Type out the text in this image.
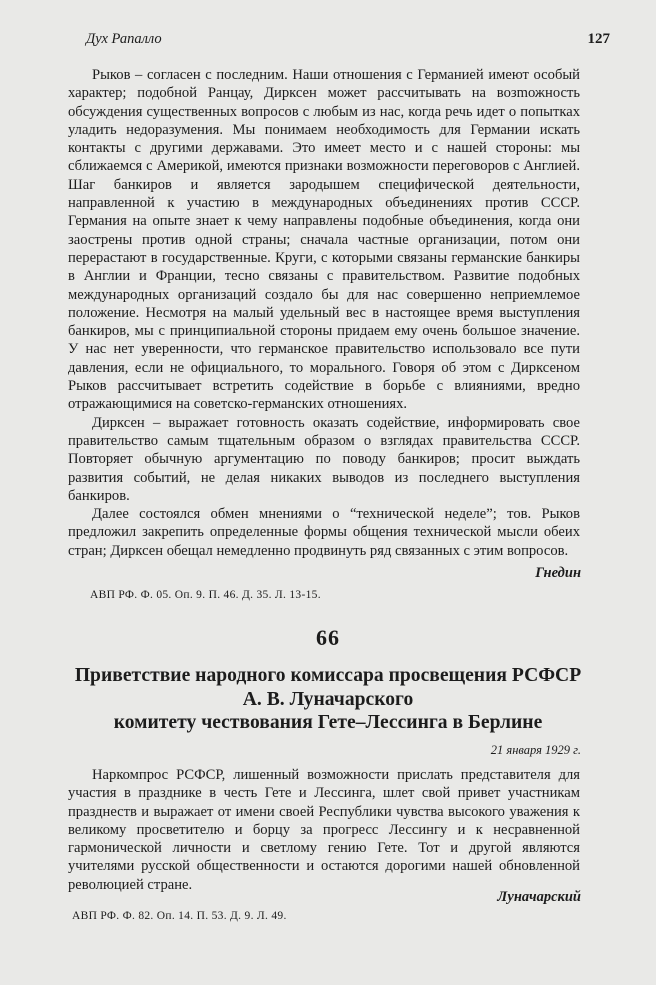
Дух Рапалло	127

Рыков – согласен с последним. Наши отношения с Германией имеют особый характер; подобной Ранцау, Дирксен может рассчитывать на возmожность обсуждения существенных вопросов с любым из нас, когда речь идет о попытках уладить недоразумения. Мы понимаем необходимость для Германии искать контакты с другими державами. Это имеет место и с нашей стороны: мы сближаемся с Америкой, имеются признаки возможности переговоров с Англией. Шаг банкиров и является зародышем специфической деятельности, направленной к участию в международных объединениях против СССР. Германия на опыте знает к чему направлены подобные объединения, когда они заострены против одной страны; сначала частные организации, потом они перерастают в государственные. Круги, с которыми связаны германские банкиры в Англии и Франции, тесно связаны с правительством. Развитие подобных международных организаций создало бы для нас совершенно неприемлемое положение. Несмотря на малый удельный вес в настоящее время выступления банкиров, мы с принципиальной стороны придаем ему очень большое значение. У нас нет уверенности, что германское правительство использовало все пути давления, если не официального, то морального. Говоря об этом с Дирксеном Рыков рассчитывает встретить содействие в борьбе с влияниями, вредно отражающимися на советско-германских отношениях.

Дирксен – выражает готовность оказать содействие, информировать свое правительство самым тщательным образом о взглядах правительства СССР. Повторяет обычную аргументацию по поводу банкиров; просит выждать развития событий, не делая никаких выводов из последнего выступления банкиров.

Далее состоялся обмен мнениями о “технической неделе”; тов. Рыков предложил закрепить определенные формы общения технической мысли обеих стран; Дирксен обещал немедленно продвинуть ряд связанных с этим вопросов.

Гнедин
АВП РФ. Ф. 05. Оп. 9. П. 46. Д. 35. Л. 13-15.
66
Приветствие народного комиссара просвещения РСФСР
А. В. Луначарского
комитету чествования Гете–Лессинга в Берлине
21 января 1929 г.

Наркомпрос РСФСР, лишенный возможности прислать представителя для участия в празднике в честь Гете и Лессинга, шлет свой привет участникам празднеств и выражает от имени своей Республики чувства высокого уважения к великому просветителю и борцу за прогресс Лессингу и к несравненной гармонической личности и светлому гению Гете. Тот и другой являются учителями русской общественности и остаются дорогими нашей обновленной революцией стране.

Луначарский
АВП РФ. Ф. 82. Оп. 14. П. 53. Д. 9. Л. 49.
